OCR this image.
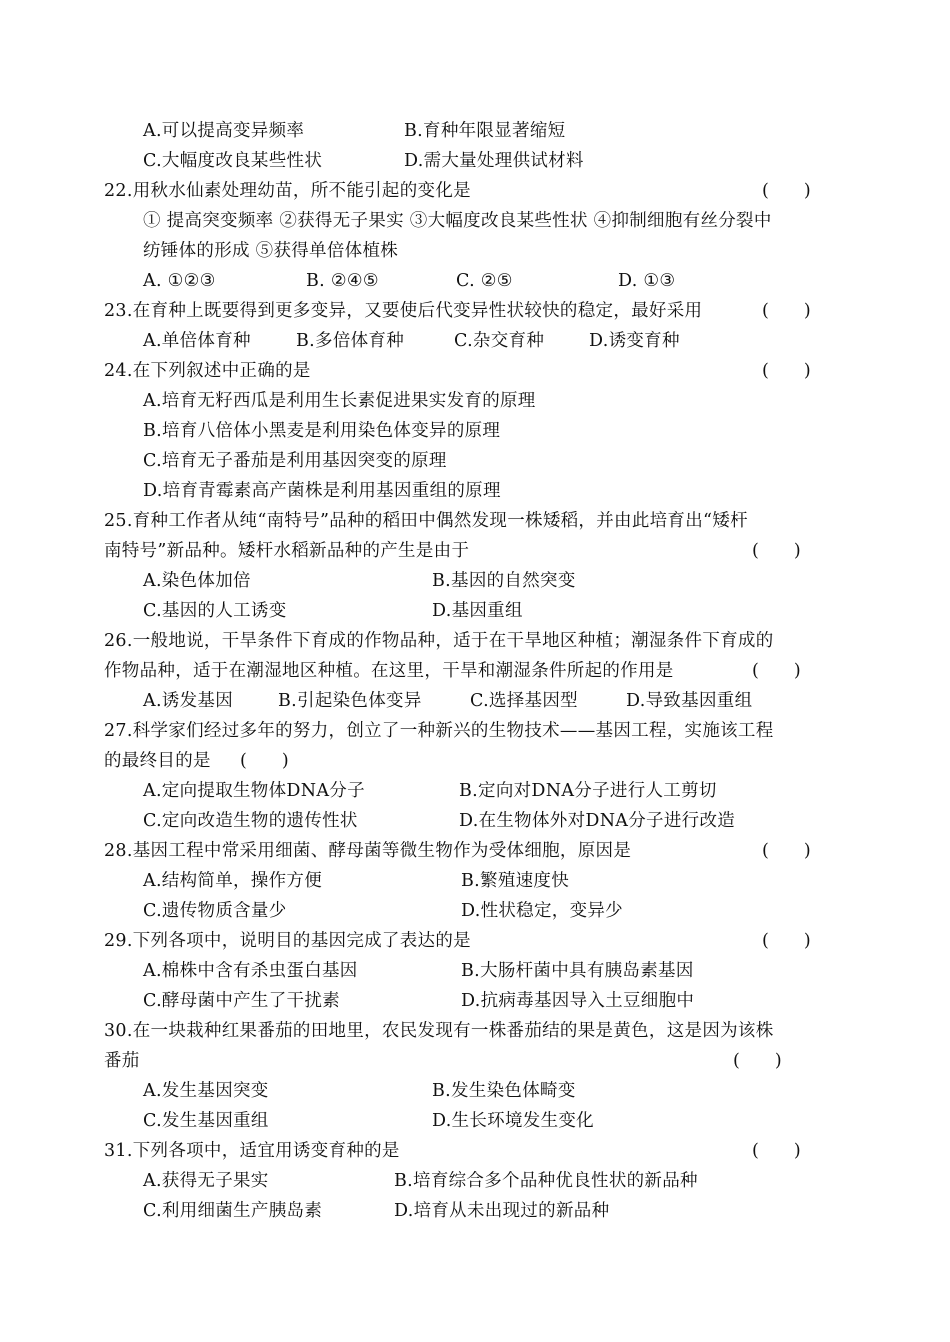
A.可以提高变异频率	B.育种年限显著缩短
C.大幅度改良某些性状	D.需大量处理供试材料
22.用秋水仙素处理幼苗，所不能引起的变化是	(　　)
① 提高突变频率 ②获得无子果实 ③大幅度改良某些性状 ④抑制细胞有丝分裂中
纺锤体的形成 ⑤获得单倍体植株
A. ①②③	B. ②④⑤	C. ②⑤	D. ①③
23.在育种上既要得到更多变异，又要使后代变异性状较快的稳定，最好采用	(　　)
A.单倍体育种	B.多倍体育种	C.杂交育种	D.诱变育种
24.在下列叙述中正确的是	(　　)
A.培育无籽西瓜是利用生长素促进果实发育的原理
B.培育八倍体小黑麦是利用染色体变异的原理
C.培育无子番茄是利用基因突变的原理
D.培育青霉素高产菌株是利用基因重组的原理
25.育种工作者从纯“南特号”品种的稻田中偶然发现一株矮稻，并由此培育出“矮杆
南特号”新品种。矮杆水稻新品种的产生是由于	(　　)
A.染色体加倍	B.基因的自然突变
C.基因的人工诱变	D.基因重组
26.一般地说，干旱条件下育成的作物品种，适于在干旱地区种植；潮湿条件下育成的
作物品种，适于在潮湿地区种植。在这里，干旱和潮湿条件所起的作用是	(　　)
A.诱发基因	B.引起染色体变异	C.选择基因型	D.导致基因重组
27.科学家们经过多年的努力，创立了一种新兴的生物技术——基因工程，实施该工程
的最终目的是 (　　)
A.定向提取生物体DNA分子	B.定向对DNA分子进行人工剪切
C.定向改造生物的遗传性状	D.在生物体外对DNA分子进行改造
28.基因工程中常采用细菌、酵母菌等微生物作为受体细胞，原因是	(　　)
A.结构简单，操作方便	B.繁殖速度快
C.遗传物质含量少	D.性状稳定，变异少
29.下列各项中，说明目的基因完成了表达的是	(　　)
A.棉株中含有杀虫蛋白基因	B.大肠杆菌中具有胰岛素基因
C.酵母菌中产生了干扰素	D.抗病毒基因导入土豆细胞中
30.在一块栽种红果番茄的田地里，农民发现有一株番茄结的果是黄色，这是因为该株
番茄	(　　)
A.发生基因突变	B.发生染色体畸变
C.发生基因重组	D.生长环境发生变化
31.下列各项中，适宜用诱变育种的是	(　　)
A.获得无子果实	B.培育综合多个品种优良性状的新品种
C.利用细菌生产胰岛素	D.培育从未出现过的新品种
